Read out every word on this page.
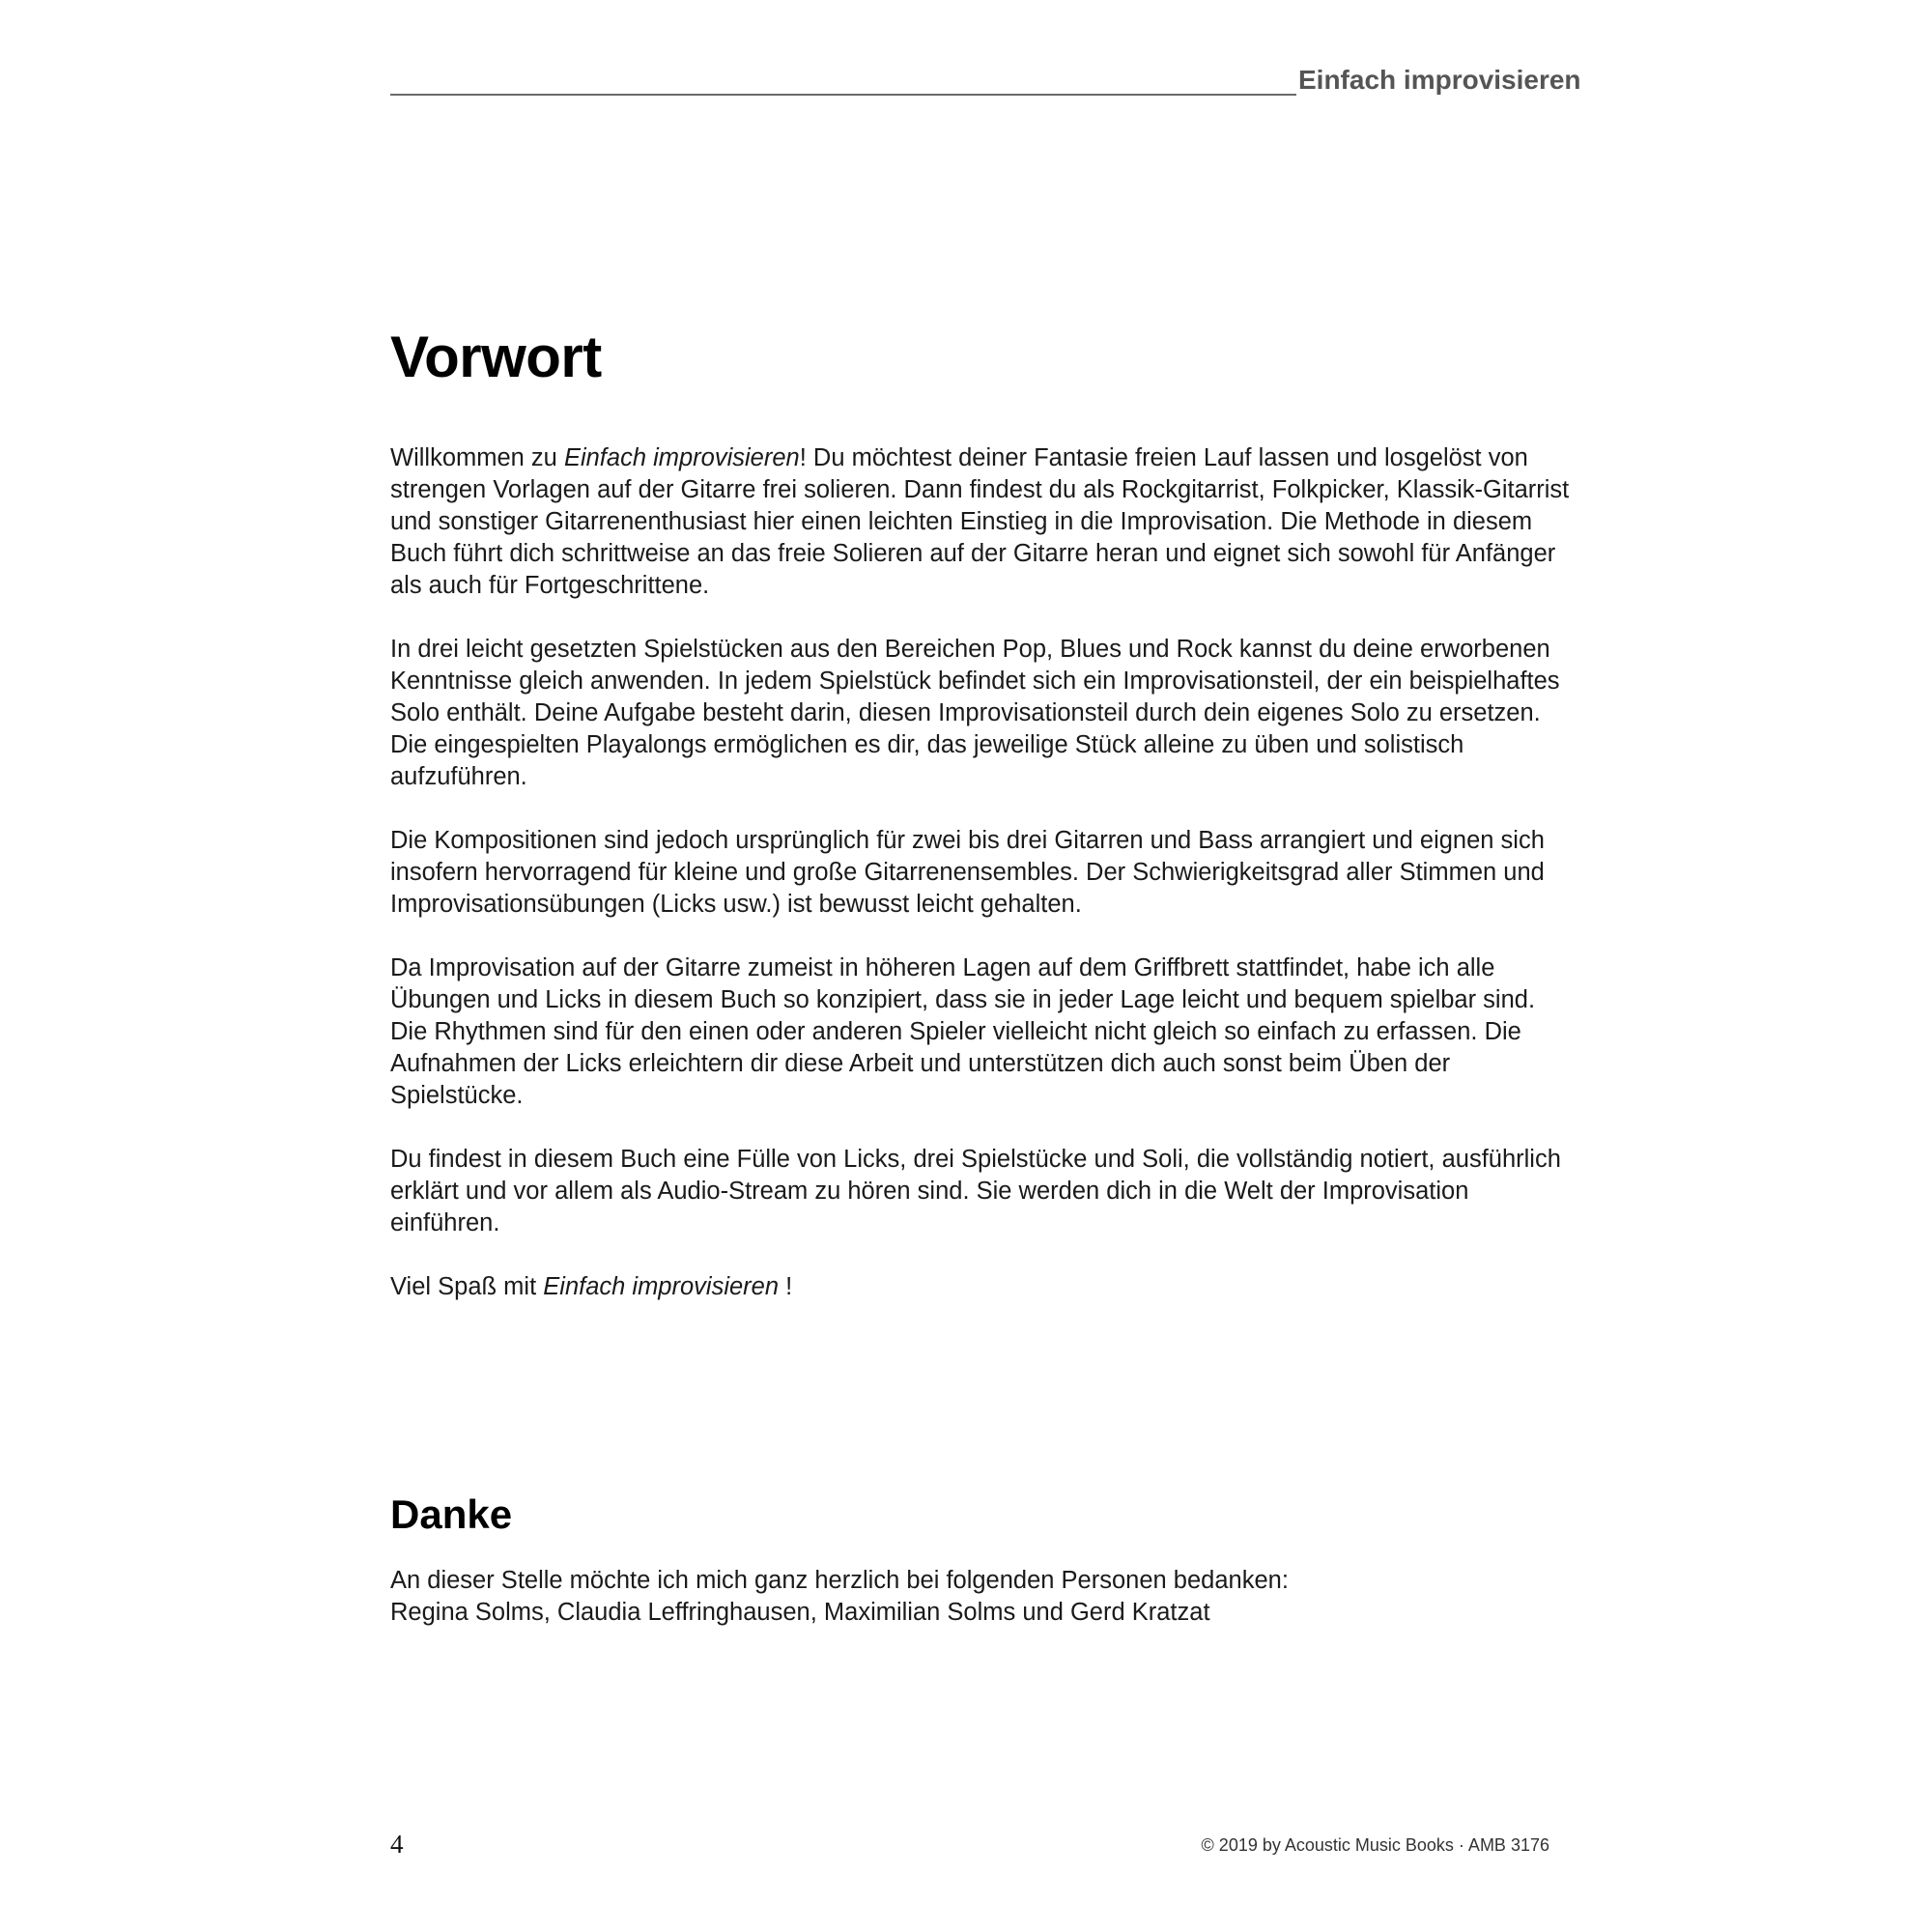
Einfach improvisieren
Vorwort

Willkommen zu Einfach improvisieren! Du möchtest deiner Fantasie freien Lauf lassen und losgelöst von strengen Vorlagen auf der Gitarre frei solieren. Dann findest du als Rockgitarrist, Folkpicker, Klassik-Gitarrist und sonstiger Gitarrenenthusiast hier einen leichten Einstieg in die Improvisation. Die Methode in diesem Buch führt dich schrittweise an das freie Solieren auf der Gitarre heran und eignet sich sowohl für Anfänger als auch für Fortgeschrittene.

In drei leicht gesetzten Spielstücken aus den Bereichen Pop, Blues und Rock kannst du deine erworbenen Kenntnisse gleich anwenden. In jedem Spielstück befindet sich ein Improvisationsteil, der ein beispielhaftes Solo enthält. Deine Aufgabe besteht darin, diesen Improvisationsteil durch dein eigenes Solo zu ersetzen. Die eingespielten Playalongs ermöglichen es dir, das jeweilige Stück alleine zu üben und solistisch aufzuführen.

Die Kompositionen sind jedoch ursprünglich für zwei bis drei Gitarren und Bass arrangiert und eignen sich insofern hervorragend für kleine und große Gitarrenensembles. Der Schwierigkeitsgrad aller Stimmen und Improvisationsübungen (Licks usw.) ist bewusst leicht gehalten.

Da Improvisation auf der Gitarre zumeist in höheren Lagen auf dem Griffbrett stattfindet, habe ich alle Übungen und Licks in diesem Buch so konzipiert, dass sie in jeder Lage leicht und bequem spielbar sind. Die Rhythmen sind für den einen oder anderen Spieler vielleicht nicht gleich so einfach zu erfassen. Die Aufnahmen der Licks erleichtern dir diese Arbeit und unterstützen dich auch sonst beim Üben der Spielstücke.

Du findest in diesem Buch eine Fülle von Licks, drei Spielstücke und Soli, die vollständig notiert, ausführlich erklärt und vor allem als Audio-Stream zu hören sind. Sie werden dich in die Welt der Improvisation einführen.

Viel Spaß mit Einfach improvisieren !

Danke
An dieser Stelle möchte ich mich ganz herzlich bei folgenden Personen bedanken:
Regina Solms, Claudia Leffringhausen, Maximilian Solms und Gerd Kratzat
4	© 2019 by Acoustic Music Books · AMB 3176
